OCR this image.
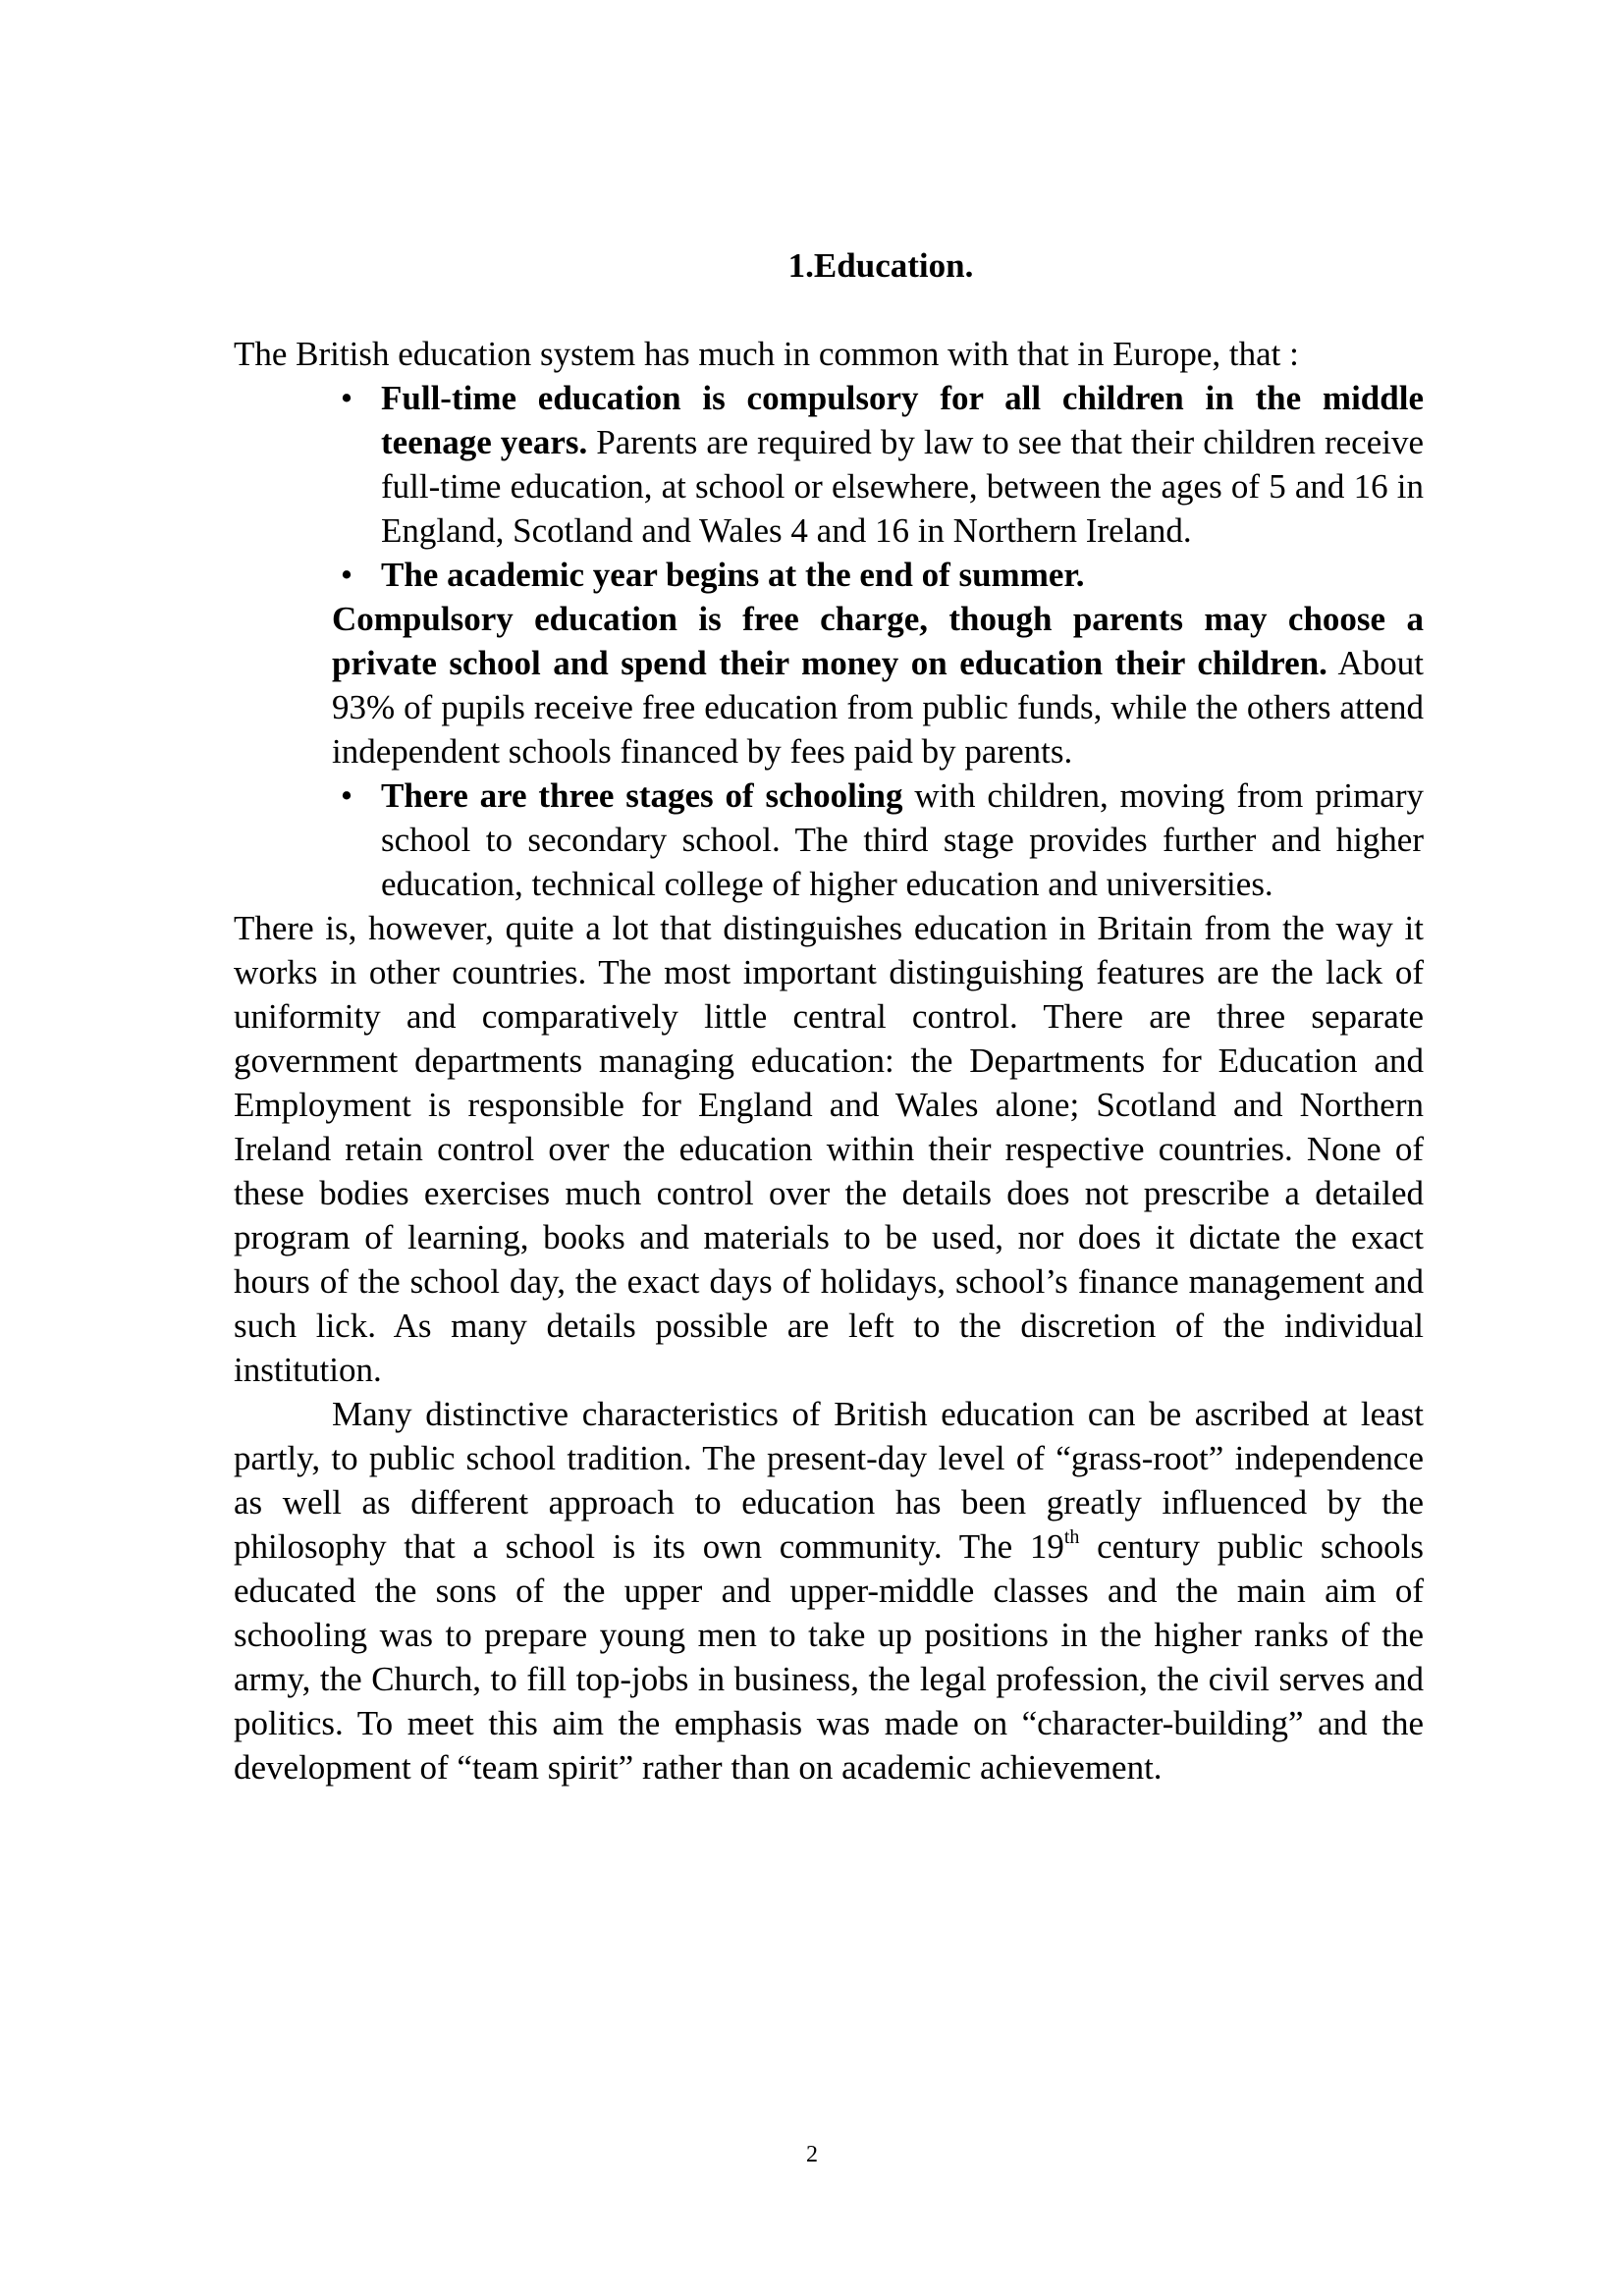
1.Education.

The British education system has much in common with that in Europe, that :

• Full-time education is compulsory for all children in the middle teenage years. Parents are required by law to see that their children receive full-time education, at school or elsewhere, between the ages of 5 and 16 in England, Scotland and Wales 4 and 16 in Northern Ireland.
• The academic year begins at the end of summer.

Compulsory education is free charge, though parents may choose a private school and spend their money on education their children. About 93% of pupils receive free education from public funds, while the others attend independent schools financed by fees paid by parents.

• There are three stages of schooling with children, moving from primary school to secondary school. The third stage provides further and higher education, technical college of higher education and universities.

There is, however, quite a lot that distinguishes education in Britain from the way it works in other countries. The most important distinguishing features are the lack of uniformity and comparatively little central control. There are three separate government departments managing education: the Departments for Education and Employment is responsible for England and Wales alone; Scotland and Northern Ireland retain control over the education within their respective countries. None of these bodies exercises much control over the details does not prescribe a detailed program of learning, books and materials to be used, nor does it dictate the exact hours of the school day, the exact days of holidays, school’s finance management and such lick. As many details possible are left to the discretion of the individual institution.

Many distinctive characteristics of British education can be ascribed at least partly, to public school tradition. The present-day level of “grass-root” independence as well as different approach to education has been greatly influenced by the philosophy that a school is its own community. The 19th century public schools educated the sons of the upper and upper-middle classes and the main aim of schooling was to prepare young men to take up positions in the higher ranks of the army, the Church, to fill top-jobs in business, the legal profession, the civil serves and politics. To meet this aim the emphasis was made on “character-building” and the development of “team spirit” rather than on academic achievement.

2
